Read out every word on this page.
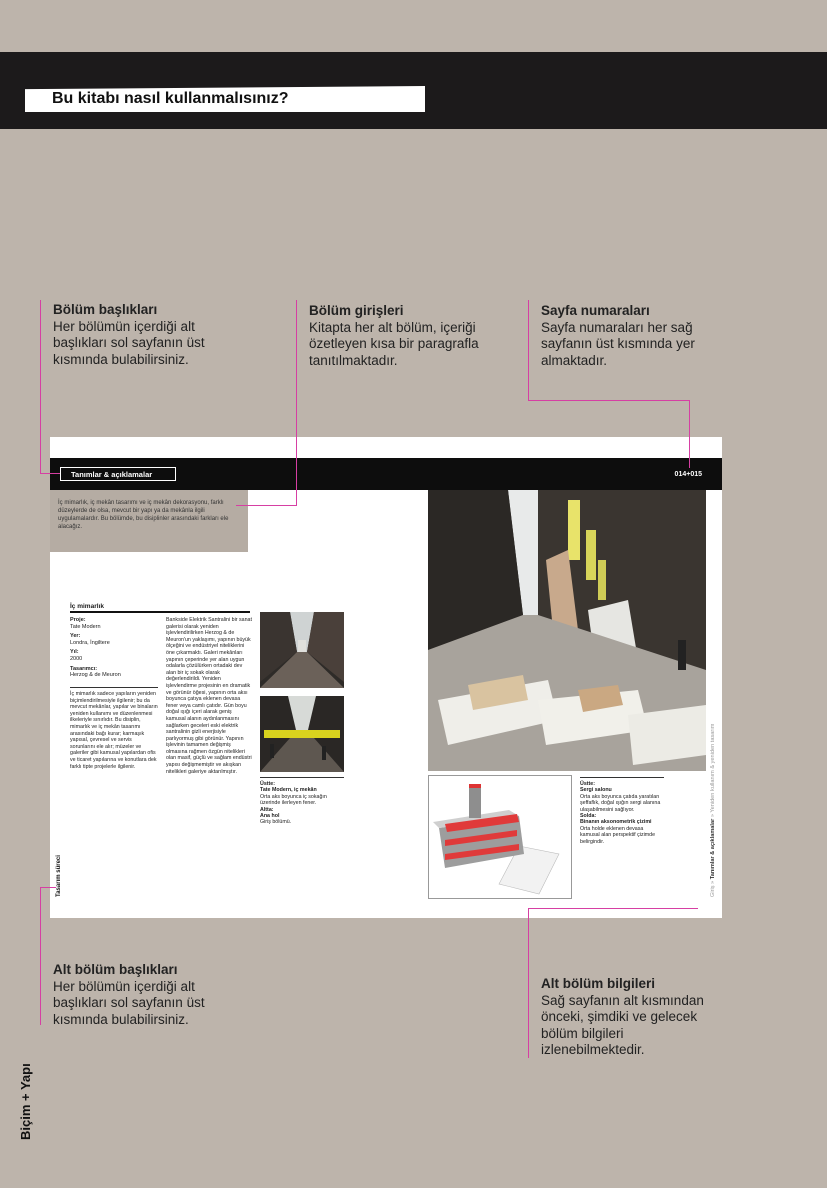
Bu kitabı nasıl kullanmalısınız?
Bölüm başlıkları
Her bölümün içerdiği alt başlıkları sol sayfanın üst kısmında bulabilirsiniz.
Bölüm girişleri
Kitapta her alt bölüm, içeriği özetleyen kısa bir paragrafla tanıtılmaktadır.
Sayfa numaraları
Sayfa numaraları her sağ sayfanın üst kısmında yer almaktadır.
Alt bölüm başlıkları
Her bölümün içerdiği alt başlıkları sol sayfanın üst kısmında bulabilirsiniz.
Alt bölüm bilgileri
Sağ sayfanın alt kısmından önceki, şimdiki ve gelecek bölüm bilgileri izlenebilmektedir.
Tanımlar & açıklamalar
İç mimarlık, iç mekân tasarımı ve iç mekân dekorasyonu, farklı düzeylerde de olsa, mevcut bir yapı ya da mekânla ilgili uygulamalardır. Bu bölümde, bu disiplinler arasındaki farkları ele alacağız.
İç mimarlık
Proje:
Tate Modern
Yer:
Londra, İngiltere
Yıl:
2000
Tasarımcı:
Herzog & de Meuron
İç mimarlık sadece yapıların yeniden biçimlendirilmesiyle ilgilenir; bu da mevcut mekânlar, yapılar ve binaların yeniden kullanımı ve düzenlenmesi ilkeleriyle sınırlıdır. Bu disiplin, mimarlık ve iç mekân tasarımı arasındaki bağı kurar; karmaşık yapısal, çevresel ve servis sorunlarını ele alır; müzeler ve galeriler gibi kamusal yapılardan ofis ve ticaret yapılarına ve konutlara dek farklı tipte projelerle ilgilenir.
Bankside Elektrik Santralini bir sanat galerisi olarak yeniden işlevlendirilirken Herzog & de Meuron'un yaklaşımı, yapının büyük ölçeğini ve endüstriyel niteliklerini öne çıkarmaktı. Galeri mekânları yapının çeperinde yer alan uygun odalarla çözülürken ortadaki dev alan bir iç sokak olarak değerlendirildi. Yeniden işlevlendirme projesinin en dramatik ve görünür öğesi, yapının orta aksı boyunca çatıya eklenen devasa fener veya camlı çatıdır. Gün boyu doğal ışığı içeri alarak geniş kamusal alanın aydınlanmasını sağlarken geceleri eski elektrik santralinin gizli enerjisiyle parlıyormuş gibi görünür. Yapının işlevinin tamamen değişmiş olmasına rağmen özgün nitelikleri olan masif, güçlü ve sağlam endüstri yapısı değişmemiştir ve akışkan nitelikleri galeriye aktarılmıştır.
Üstte:
Tate Modern, iç mekân
Orta aks boyunca iç sokağın üzerinde ilerleyen fener.
Altta:
Ana hol
Giriş bölümü.
Tasarım süreci
014+015
Üstte:
Sergi salonu
Orta aks boyunca çatıda yaratılan şeffaflık, doğal ışığın sergi alanına ulaşabilmesini sağlıyor.
Solda:
Binanın aksonometrik çizimi
Orta holde eklenen devasa kamusal alan perspektif çizimde belirgindir.
Giriş » Tanımlar & açıklamalar » Yeniden kullanım & yeniden tasarım
Biçim + Yapı
